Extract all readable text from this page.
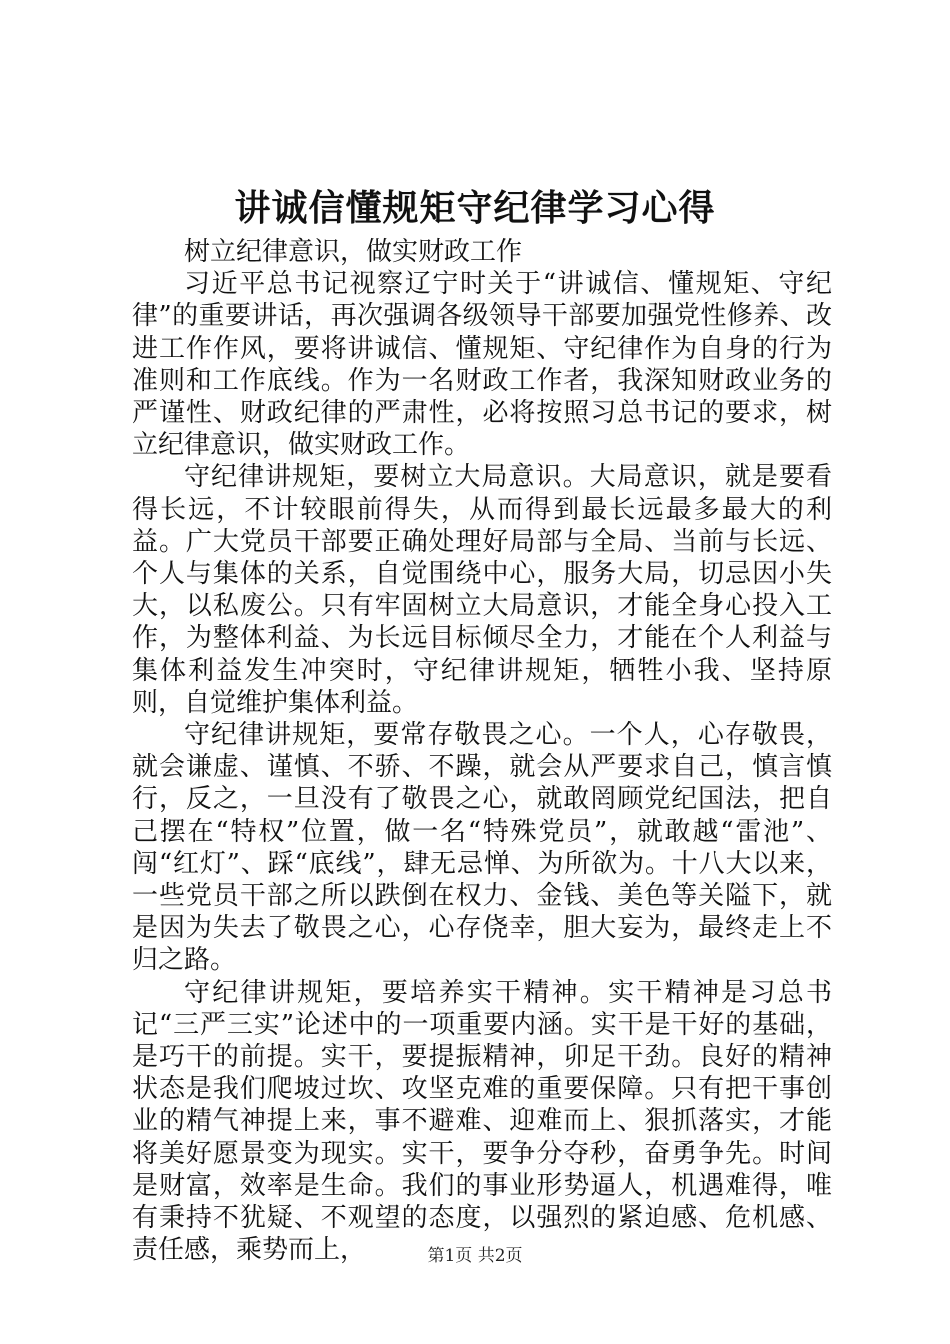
讲诚信懂规矩守纪律学习心得

树立纪律意识，做实财政工作

习近平总书记视察辽宁时关于“讲诚信、懂规矩、守纪律”的重要讲话，再次强调各级领导干部要加强党性修养、改进工作作风，要将讲诚信、懂规矩、守纪律作为自身的行为准则和工作底线。作为一名财政工作者，我深知财政业务的严谨性、财政纪律的严肃性，必将按照习总书记的要求，树立纪律意识，做实财政工作。

守纪律讲规矩，要树立大局意识。大局意识，就是要看得长远，不计较眼前得失，从而得到最长远最多最大的利益。广大党员干部要正确处理好局部与全局、当前与长远、个人与集体的关系，自觉围绕中心，服务大局，切忌因小失大，以私废公。只有牢固树立大局意识，才能全身心投入工作，为整体利益、为长远目标倾尽全力，才能在个人利益与集体利益发生冲突时，守纪律讲规矩，牺牲小我、坚持原则，自觉维护集体利益。

守纪律讲规矩，要常存敬畏之心。一个人，心存敬畏，就会谦虚、谨慎、不骄、不躁，就会从严要求自己，慎言慎行，反之，一旦没有了敬畏之心，就敢罔顾党纪国法，把自己摆在“特权”位置，做一名“特殊党员”，就敢越“雷池”、闯“红灯”、踩“底线”，肆无忌惮、为所欲为。十八大以来，一些党员干部之所以跌倒在权力、金钱、美色等关隘下，就是因为失去了敬畏之心，心存侥幸，胆大妄为，最终走上不归之路。

守纪律讲规矩，要培养实干精神。实干精神是习总书记“三严三实”论述中的一项重要内涵。实干是干好的基础，是巧干的前提。实干，要提振精神，卯足干劲。良好的精神状态是我们爬坡过坎、攻坚克难的重要保障。只有把干事创业的精气神提上来，事不避难、迎难而上、狠抓落实，才能将美好愿景变为现实。实干，要争分夺秒，奋勇争先。时间是财富，效率是生命。我们的事业形势逼人，机遇难得，唯有秉持不犹疑、不观望的态度，以强烈的紧迫感、危机感、责任感，乘势而上，	第1页 共2页
